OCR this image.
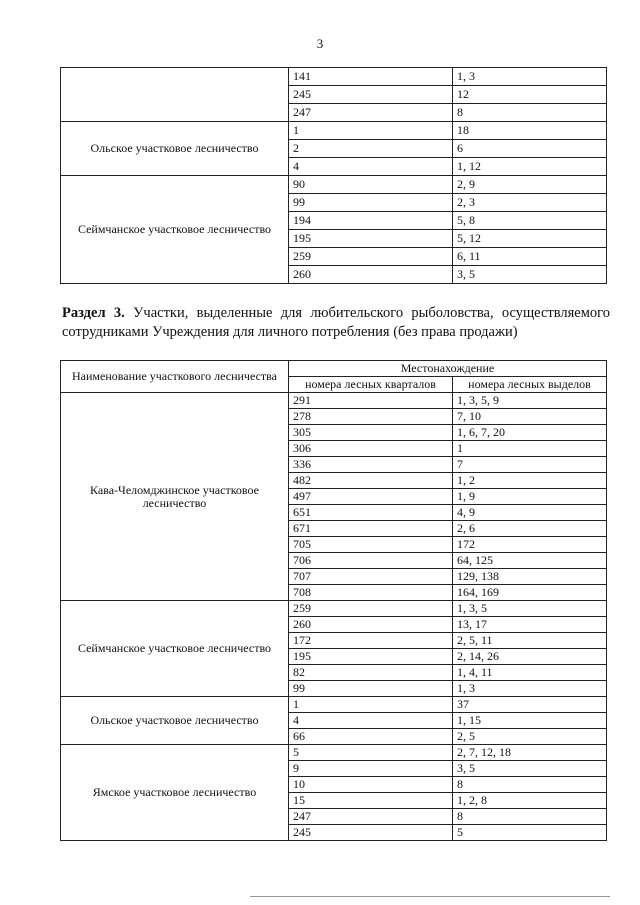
3
	141	1, 3
	245	12
	247	8
Ольское участковое лесничество	1	18
	2	6
	4	1, 12
Сеймчанское участковое лесничество	90	2, 9
	99	2, 3
	194	5, 8
	195	5, 12
	259	6, 11
	260	3, 5
Раздел 3. Участки, выделенные для любительского рыболовства, осуществляемого сотрудниками Учреждения для личного потребления (без права продажи)
Наименование участкового лесничества	Местонахождение	
	номера лесных кварталов	номера лесных выделов
Кава-Челомджинское участковое лесничество	291	1, 3, 5, 9
	278	7, 10
	305	1, 6, 7, 20
	306	1
	336	7
	482	1, 2
	497	1, 9
	651	4, 9
	671	2, 6
	705	172
	706	64, 125
	707	129, 138
	708	164, 169
Сеймчанское участковое лесничество	259	1, 3, 5
	260	13, 17
	172	2, 5, 11
	195	2, 14, 26
	82	1, 4, 11
	99	1, 3
Ольское участковое лесничество	1	37
	4	1, 15
	66	2, 5
Ямское участковое лесничество	5	2, 7, 12, 18
	9	3, 5
	10	8
	15	1, 2, 8
	247	8
	245	5
